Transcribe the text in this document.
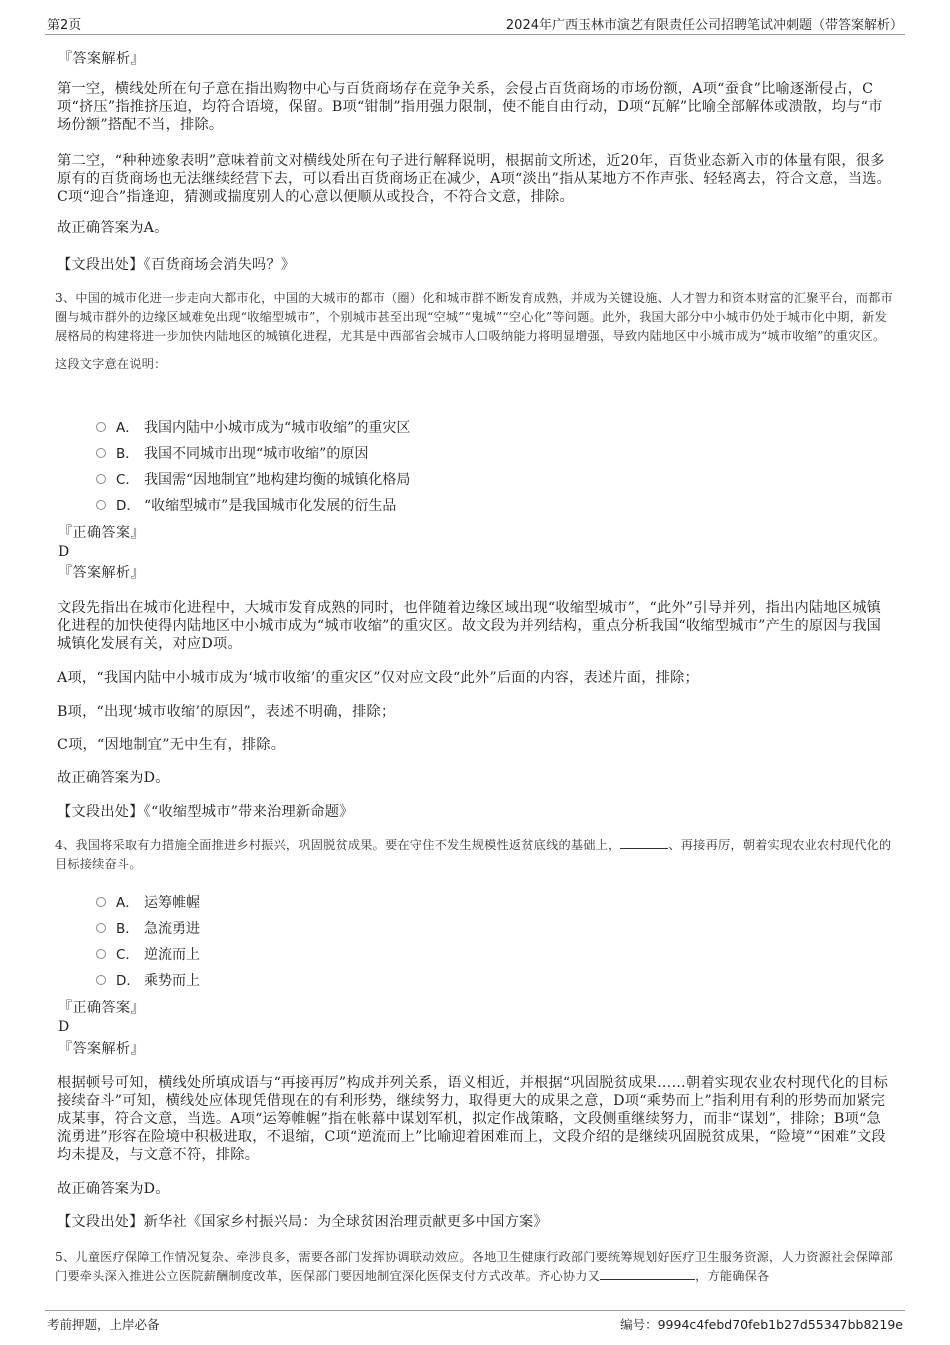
第2页	2024年广西玉林市演艺有限责任公司招聘笔试冲刺题（带答案解析）
『答案解析』

第一空，横线处所在句子意在指出购物中心与百货商场存在竞争关系，会侵占百货商场的市场份额，A项“蚕食”比喻逐渐侵占，C项“挤压”指推挤压迫，均符合语境，保留。B项“钳制”指用强力限制，使不能自由行动，D项“瓦解”比喻全部解体或溃散，均与“市场份额”搭配不当，排除。

第二空，“种种迹象表明”意味着前文对横线处所在句子进行解释说明，根据前文所述，近20年，百货业态新入市的体量有限，很多原有的百货商场也无法继续经营下去，可以看出百货商场正在减少，A项“淡出”指从某地方不作声张、轻轻离去，符合文意，当选。C项“迎合”指逢迎，猜测或揣度别人的心意以便顺从或投合，不符合文意，排除。

故正确答案为A。

【文段出处】《百货商场会消失吗？》

3、中国的城市化进一步走向大都市化，中国的大城市的都市（圈）化和城市群不断发育成熟，并成为关键设施、人才智力和资本财富的汇聚平台，而都市圈与城市群外的边缘区域难免出现“收缩型城市”，个别城市甚至出现“空城”“鬼城”“空心化”等问题。此外，我国大部分中小城市仍处于城市化中期，新发展格局的构建将进一步加快内陆地区的城镇化进程，尤其是中西部省会城市人口吸纳能力将明显增强，导致内陆地区中小城市成为“城市收缩”的重灾区。

这段文字意在说明：

A． 我国内陆中小城市成为“城市收缩”的重灾区
B． 我国不同城市出现“城市收缩”的原因
C． 我国需“因地制宜”地构建均衡的城镇化格局
D． “收缩型城市”是我国城市化发展的衍生品
『正确答案』
D
『答案解析』

文段先指出在城市化进程中，大城市发育成熟的同时，也伴随着边缘区域出现“收缩型城市”，“此外”引导并列，指出内陆地区城镇化进程的加快使得内陆地区中小城市成为“城市收缩”的重灾区。故文段为并列结构，重点分析我国“收缩型城市”产生的原因与我国城镇化发展有关，对应D项。

A项，“我国内陆中小城市成为‘城市收缩’的重灾区”仅对应文段“此外”后面的内容，表述片面，排除；

B项，“出现‘城市收缩’的原因”，表述不明确，排除；

C项，“因地制宜”无中生有，排除。

故正确答案为D。

【文段出处】《“收缩型城市”带来治理新命题》

4、我国将采取有力措施全面推进乡村振兴，巩固脱贫成果。要在守住不发生规模性返贫底线的基础上，	、再接再厉，朝着实现农业农村现代化的目标接续奋斗。

A． 运筹帷幄
B． 急流勇进
C． 逆流而上
D． 乘势而上
『正确答案』
D
『答案解析』

根据顿号可知，横线处所填成语与“再接再厉”构成并列关系，语义相近，并根据“巩固脱贫成果……朝着实现农业农村现代化的目标接续奋斗”可知，横线处应体现凭借现在的有利形势，继续努力，取得更大的成果之意，D项“乘势而上”指利用有利的形势而加紧完成某事，符合文意，当选。A项“运筹帷幄”指在帐幕中谋划军机，拟定作战策略，文段侧重继续努力，而非“谋划”，排除；B项“急流勇进”形容在险境中积极进取，不退缩，C项“逆流而上”比喻迎着困难而上，文段介绍的是继续巩固脱贫成果，“险境”“困难”文段均未提及，与文意不符，排除。

故正确答案为D。

【文段出处】新华社《国家乡村振兴局：为全球贫困治理贡献更多中国方案》

5、儿童医疗保障工作情况复杂、牵涉良多，需要各部门发挥协调联动效应。各地卫生健康行政部门要统筹规划好医疗卫生服务资源，人力资源社会保障部门要牵头深入推进公立医院薪酬制度改革，医保部门要因地制宜深化医保支付方式改革。齐心协力又	，方能确保各

考前押题，上岸必备	编号：9994c4febd70feb1b27d55347bb8219e
